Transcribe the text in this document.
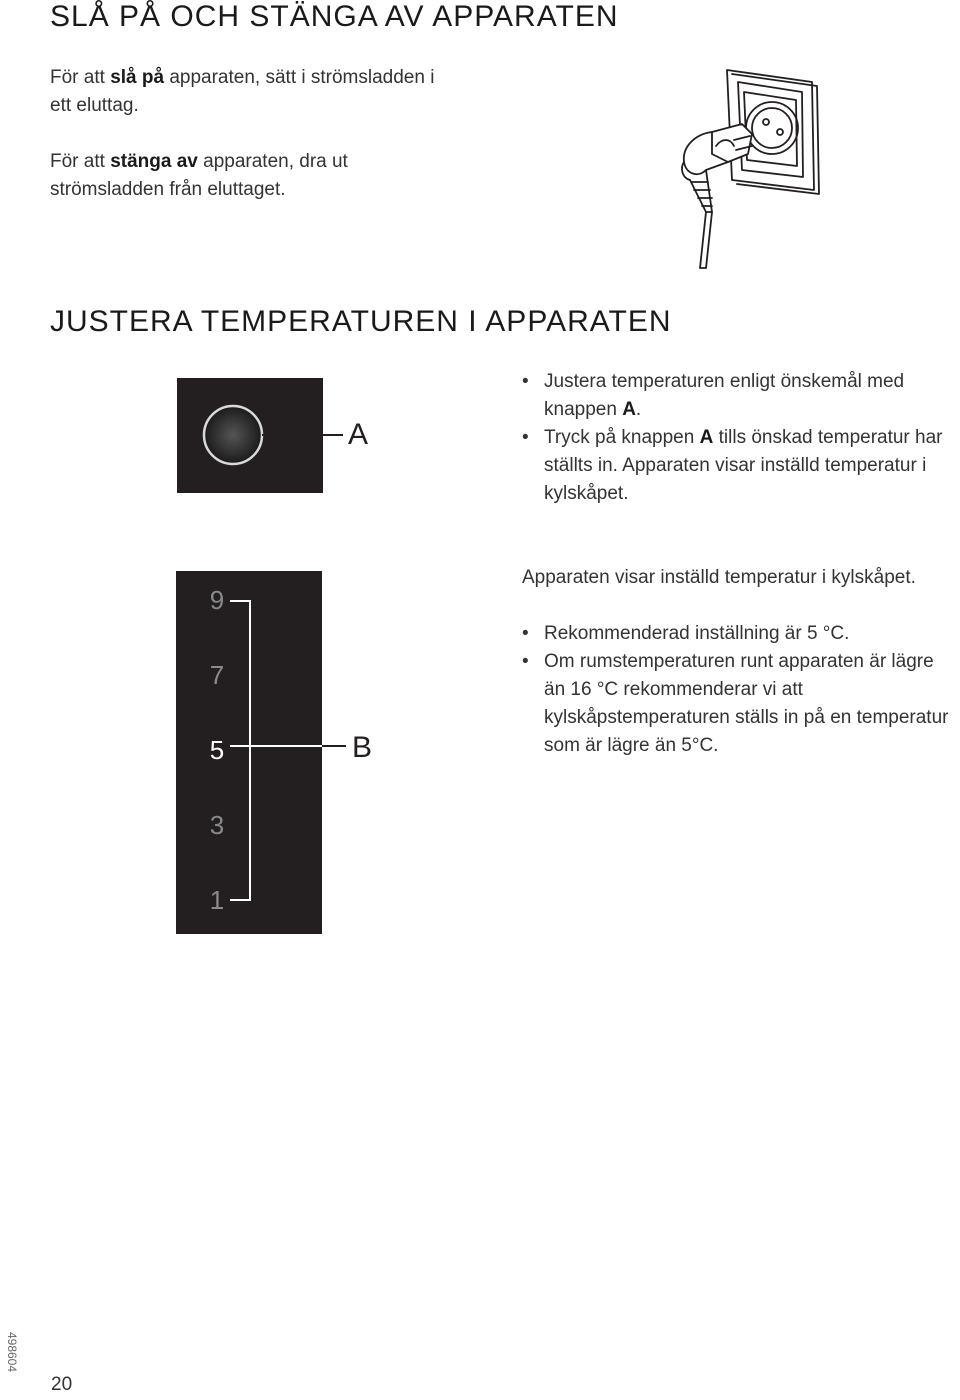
SLÅ PÅ OCH STÄNGA AV APPARATEN
För att slå på apparaten, sätt i strömsladden i ett eluttag.
För att stänga av apparaten, dra ut strömsladden från eluttaget.
JUSTERA TEMPERATUREN I APPARATEN
A
• Justera temperaturen enligt önskemål med knappen A.
• Tryck på knappen A tills önskad temperatur har ställts in. Apparaten visar inställd temperatur i kylskåpet.
9
7
5
3
1
B
Apparaten visar inställd temperatur i kylskåpet.
• Rekommenderad inställning är 5 °C.
• Om rumstemperaturen runt apparaten är lägre än 16 °C rekommenderar vi att kylskåpstemperaturen ställs in på en temperatur som är lägre än 5°C.
498604
20
